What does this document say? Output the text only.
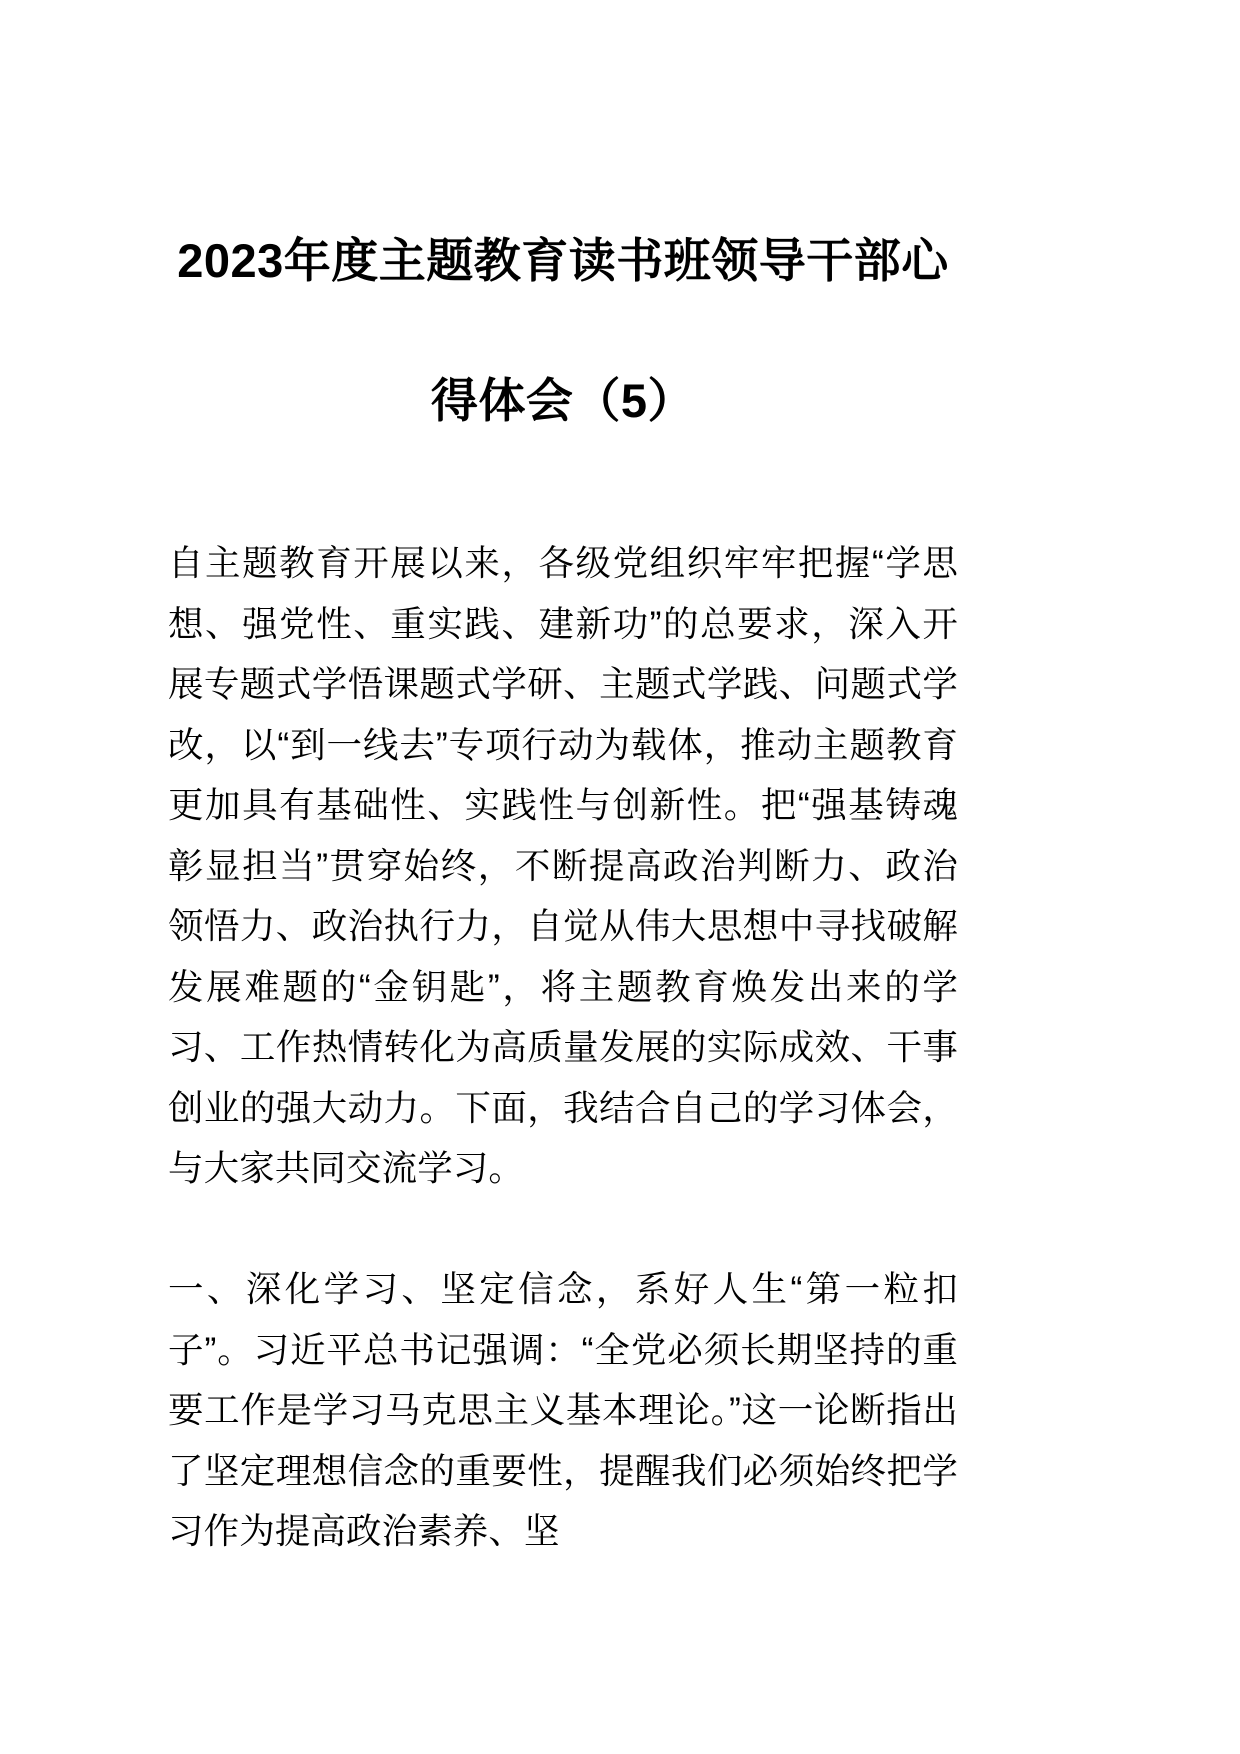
2023年度主题教育读书班领导干部心得体会（5）

自主题教育开展以来，各级党组织牢牢把握“学思想、强党性、重实践、建新功”的总要求，深入开展专题式学悟课题式学研、主题式学践、问题式学改，以“到一线去”专项行动为载体，推动主题教育更加具有基础性、实践性与创新性。把“强基铸魂彰显担当”贯穿始终，不断提高政治判断力、政治领悟力、政治执行力，自觉从伟大思想中寻找破解发展难题的“金钥匙”，将主题教育焕发出来的学习、工作热情转化为高质量发展的实际成效、干事创业的强大动力。下面，我结合自己的学习体会，与大家共同交流学习。

一、深化学习、坚定信念，系好人生“第一粒扣子”。习近平总书记强调：“全党必须长期坚持的重要工作是学习马克思主义基本理论。”这一论断指出了坚定理想信念的重要性，提醒我们必须始终把学习作为提高政治素养、坚
